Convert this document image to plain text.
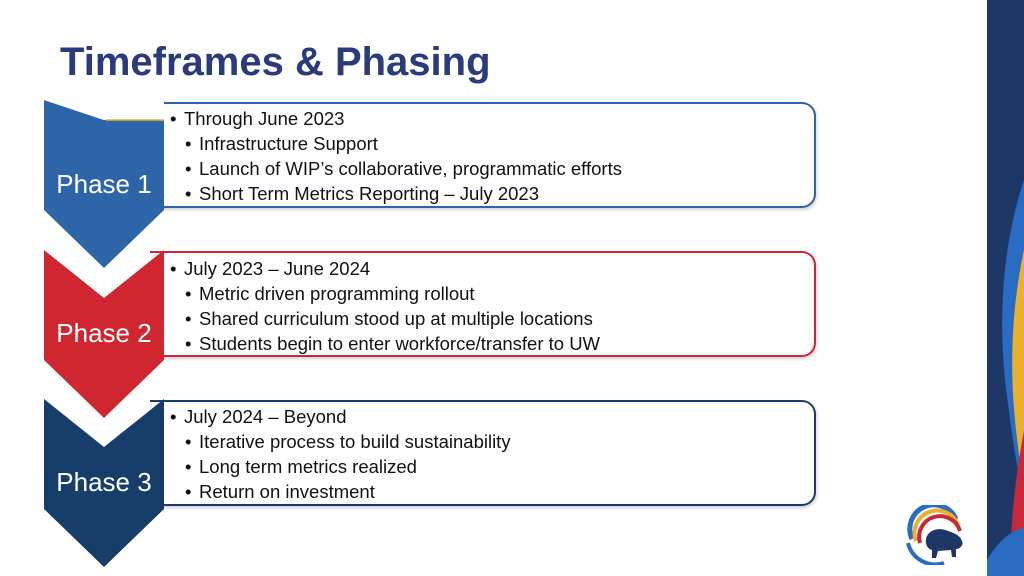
Timeframes & Phasing
Phase 1
• Through June 2023
• Infrastructure Support
• Launch of WIP’s collaborative, programmatic efforts
• Short Term Metrics Reporting – July 2023
Phase 2
• July 2023 – June 2024
• Metric driven programming rollout
• Shared curriculum stood up at multiple locations
• Students begin to enter workforce/transfer to UW
Phase 3
• July 2024 – Beyond
• Iterative process to build sustainability
• Long term metrics realized
• Return on investment
